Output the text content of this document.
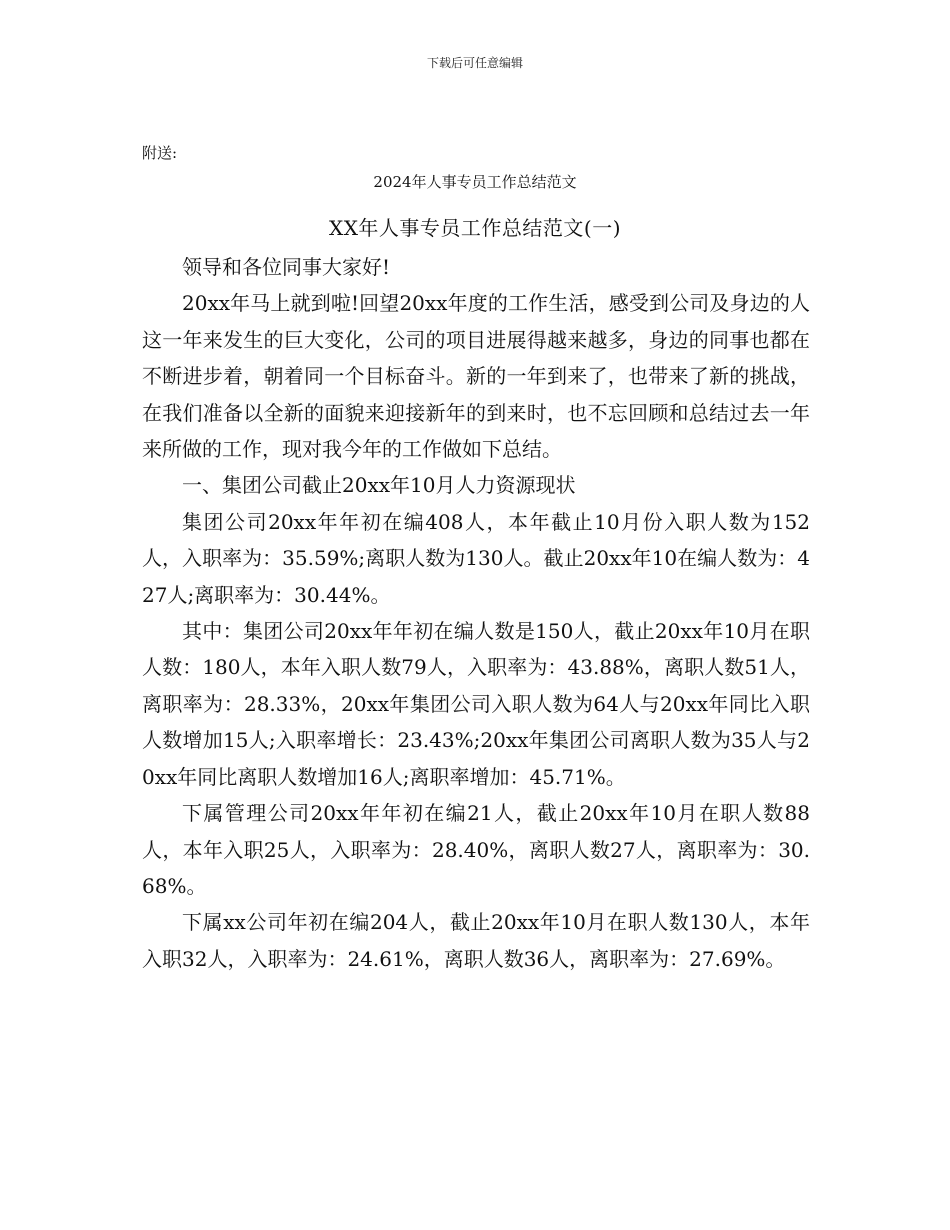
下载后可任意编辑
附送:
2024年人事专员工作总结范文
XX年人事专员工作总结范文(一)

领导和各位同事大家好!

20xx年马上就到啦!回望20xx年度的工作生活，感受到公司及身边的人这一年来发生的巨大变化，公司的项目进展得越来越多，身边的同事也都在不断进步着，朝着同一个目标奋斗。新的一年到来了，也带来了新的挑战，在我们准备以全新的面貌来迎接新年的到来时，也不忘回顾和总结过去一年来所做的工作，现对我今年的工作做如下总结。

一、集团公司截止20xx年10月人力资源现状

集团公司20xx年年初在编408人，本年截止10月份入职人数为152人，入职率为：35.59%;离职人数为130人。截止20xx年10在编人数为：427人;离职率为：30.44%。

其中：集团公司20xx年年初在编人数是150人，截止20xx年10月在职人数：180人，本年入职人数79人，入职率为：43.88%，离职人数51人，离职率为：28.33%，20xx年集团公司入职人数为64人与20xx年同比入职人数增加15人;入职率增长：23.43%;20xx年集团公司离职人数为35人与20xx年同比离职人数增加16人;离职率增加：45.71%。

下属管理公司20xx年年初在编21人，截止20xx年10月在职人数88人，本年入职25人，入职率为：28.40%，离职人数27人，离职率为：30.68%。

下属xx公司年初在编204人，截止20xx年10月在职人数130人，本年入职32人，入职率为：24.61%，离职人数36人，离职率为：27.69%。
